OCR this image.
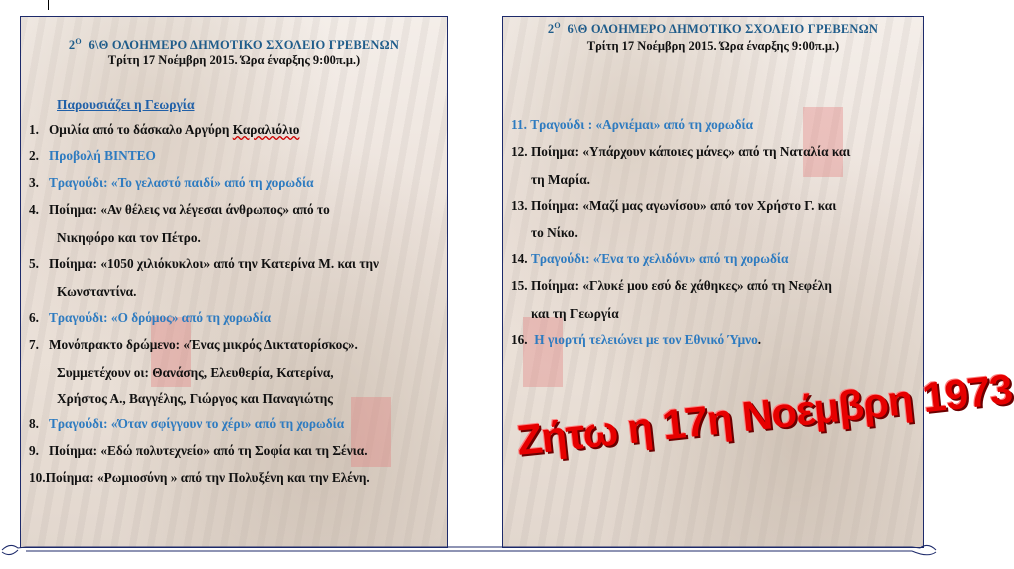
$2^O$ 6\Θ ΟΛΟΗΜΕΡΟ ΔΗΜΟΤΙΚΟ ΣΧΟΛΕΙΟ ΓΡΕΒΕΝΩΝ
Τρίτη 17 Νοέμβρη 2015. Ώρα έναρξης 9:00π.μ.)
Παρουσιάζει η Γεωργία
1. Ομιλία από το δάσκαλο Αργύρη Καραλιόλιο
2. Προβολή ΒΙΝΤΕΟ
3. Τραγούδι: «Το γελαστό παιδί» από τη χορωδία
4. Ποίημα: «Αν θέλεις να λέγεσαι άνθρωπος» από το
Νικηφόρο και τον Πέτρο.
5. Ποίημα: «1050 χιλιόκυκλοι» από την Κατερίνα Μ. και την
Κωνσταντίνα.
6. Τραγούδι: «Ο δρόμος» από τη χορωδία
7. Μονόπρακτο δρώμενο: «Ένας μικρός Δικτατορίσκος».
Συμμετέχουν οι: Θανάσης, Ελευθερία, Κατερίνα,
Χρήστος Α., Βαγγέλης, Γιώργος και Παναγιώτης
8. Τραγούδι: «Όταν σφίγγουν το χέρι» από τη χορωδία
9. Ποίημα: «Εδώ πολυτεχνείο» από τη Σοφία και τη Σένια.
10.Ποίημα: «Ρωμιοσύνη » από την Πολυξένη και την Ελένη.
$2^O$ 6\Θ ΟΛΟΗΜΕΡΟ ΔΗΜΟΤΙΚΟ ΣΧΟΛΕΙΟ ΓΡΕΒΕΝΩΝ
Τρίτη 17 Νοέμβρη 2015. Ώρα έναρξης 9:00π.μ.)
11. Τραγούδι : «Αρνιέμαι» από τη χορωδία
12. Ποίημα: «Υπάρχουν κάποιες μάνες» από τη Ναταλία και
τη Μαρία.
13. Ποίημα: «Μαζί μας αγωνίσου» από τον Χρήστο Γ. και
το Νίκο.
14. Τραγούδι: «Ένα το χελιδόνι» από τη χορωδία
15. Ποίημα: «Γλυκέ μου εσύ δε χάθηκες» από τη Νεφέλη
και τη Γεωργία
16. Η γιορτή τελειώνει με τον Εθνικό Ύμνο.
Ζήτω η 17η Νοέμβρη 1973
